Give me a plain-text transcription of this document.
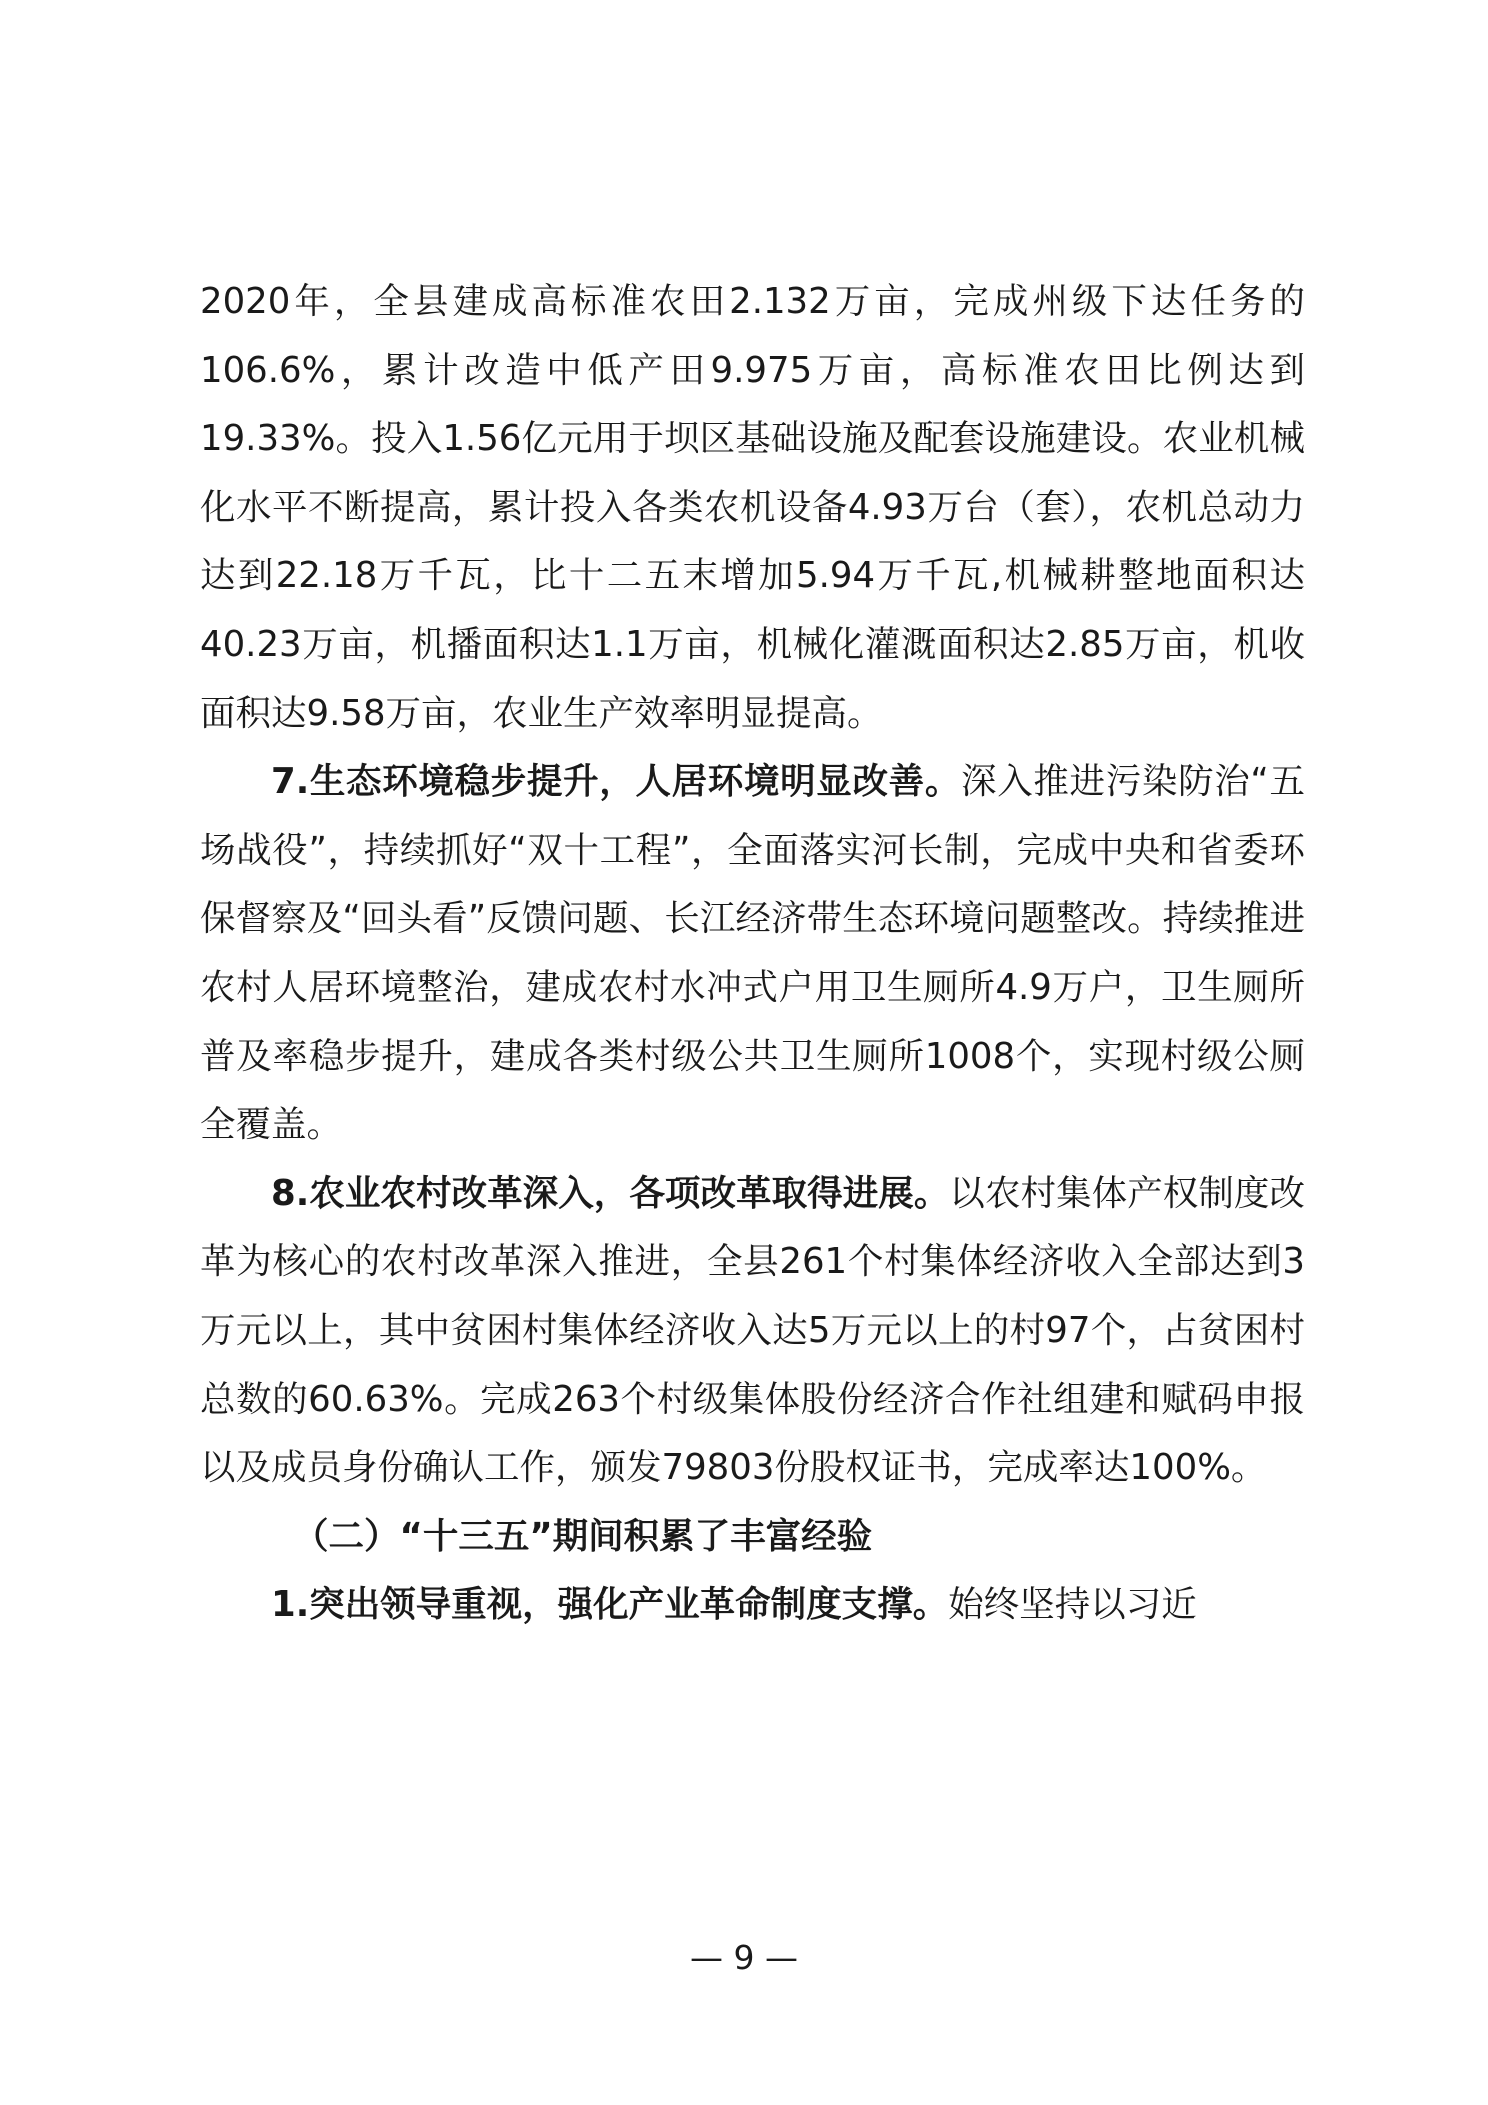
2020年，全县建成高标准农田2.132万亩，完成州级下达任务的106.6%，累计改造中低产田9.975万亩，高标准农田比例达到19.33%。投入1.56亿元用于坝区基础设施及配套设施建设。农业机械化水平不断提高，累计投入各类农机设备4.93万台（套），农机总动力达到22.18万千瓦，比十二五末增加5.94万千瓦,机械耕整地面积达40.23万亩，机播面积达1.1万亩，机械化灌溉面积达2.85万亩，机收面积达9.58万亩，农业生产效率明显提高。

7.生态环境稳步提升，人居环境明显改善。深入推进污染防治“五场战役”，持续抓好“双十工程”，全面落实河长制，完成中央和省委环保督察及“回头看”反馈问题、长江经济带生态环境问题整改。持续推进农村人居环境整治，建成农村水冲式户用卫生厕所4.9万户，卫生厕所普及率稳步提升，建成各类村级公共卫生厕所1008个，实现村级公厕全覆盖。

8.农业农村改革深入，各项改革取得进展。以农村集体产权制度改革为核心的农村改革深入推进，全县261个村集体经济收入全部达到3万元以上，其中贫困村集体经济收入达5万元以上的村97个，占贫困村总数的60.63%。完成263个村级集体股份经济合作社组建和赋码申报以及成员身份确认工作，颁发79803份股权证书，完成率达100%。

（二）“十三五”期间积累了丰富经验

1.突出领导重视，强化产业革命制度支撑。始终坚持以习近

— 9 —
